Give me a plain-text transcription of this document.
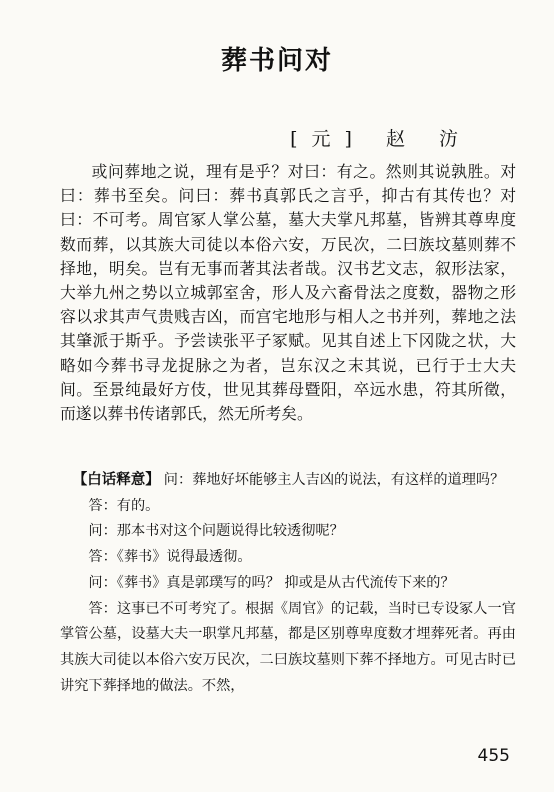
葬书问对
[元] 赵 汸

或问葬地之说，理有是乎？对曰：有之。然则其说孰胜。对曰：葬书至矣。问曰：葬书真郭氏之言乎，抑古有其传也？对曰：不可考。周官冢人掌公墓，墓大夫掌凡邦墓，皆辨其尊卑度数而葬，以其族大司徒以本俗六安，万民次，二曰族坟墓则葬不择地，明矣。岂有无事而著其法者哉。汉书艺文志，叙形法家，大举九州之势以立城郭室舍，形人及六畜骨法之度数，器物之形容以求其声气贵贱吉凶，而宫宅地形与相人之书并列，葬地之法其肇派于斯乎。予尝读张平子冢赋。见其自述上下冈陇之状，大略如今葬书寻龙捉脉之为者，岂东汉之末其说，已行于士大夫间。至景纯最好方伎，世见其葬母暨阳，卒远水患，符其所徵，而遂以葬书传诸郭氏，然无所考矣。

【白话释意】 问：葬地好坏能够主人吉凶的说法，有这样的道理吗？

答：有的。

问：那本书对这个问题说得比较透彻呢？

答：《葬书》说得最透彻。

问：《葬书》真是郭璞写的吗？ 抑或是从古代流传下来的？

答：这事已不可考究了。根据《周官》的记载，当时已专设冢人一官掌管公墓，设墓大夫一职掌凡邦墓，都是区别尊卑度数才埋葬死者。再由其族大司徒以本俗六安万民次，二曰族坟墓则下葬不择地方。可见古时已讲究下葬择地的做法。不然，

455
